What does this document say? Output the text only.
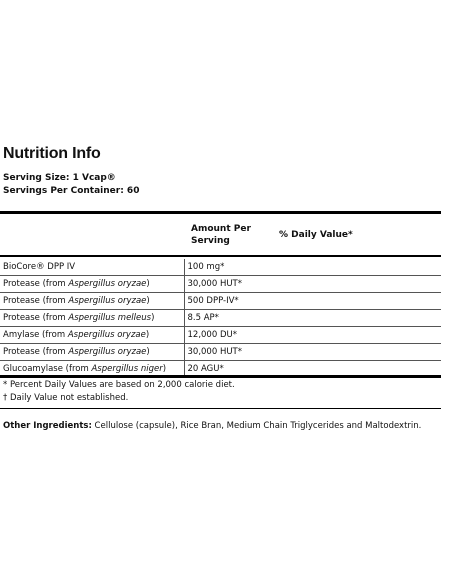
Nutrition Info
Serving Size: 1 Vcap®
Servings Per Container: 60
Amount Per
Serving
% Daily Value*
BioCore® DPP IV	100 mg*
Protease (from Aspergillus oryzae)	30,000 HUT*
Protease (from Aspergillus oryzae)	500 DPP-IV*
Protease (from Aspergillus melleus)	8.5 AP*
Amylase (from Aspergillus oryzae)	12,000 DU*
Protease (from Aspergillus oryzae)	30,000 HUT*
Glucoamylase (from Aspergillus niger)	20 AGU*
* Percent Daily Values are based on 2,000 calorie diet.
† Daily Value not established.
Other Ingredients: Cellulose (capsule), Rice Bran, Medium Chain Triglycerides and Maltodextrin.
